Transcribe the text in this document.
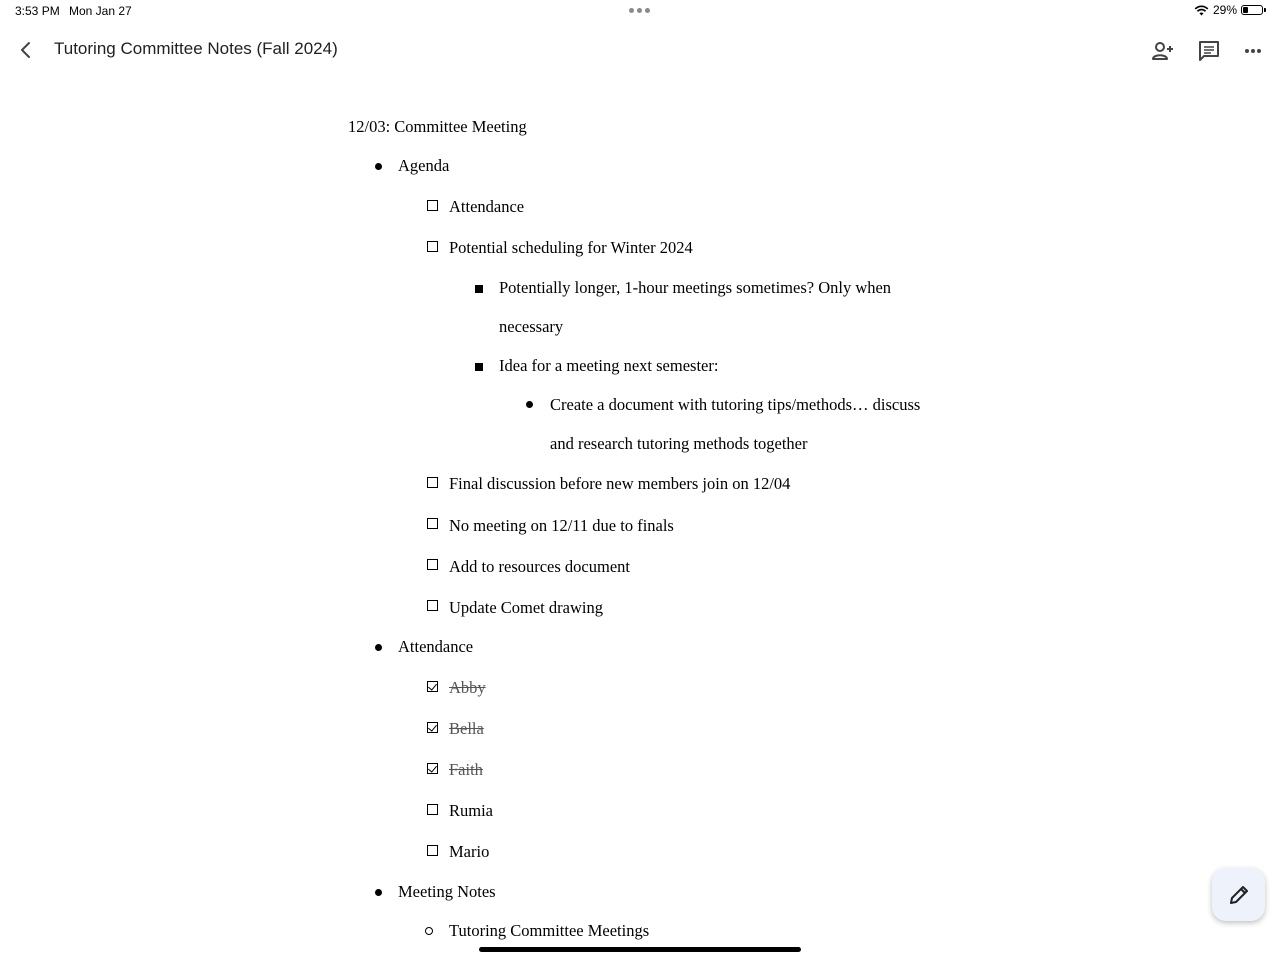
3:53 PM Mon Jan 27	29%
Tutoring Committee Notes (Fall 2024)
12/03: Committee Meeting
Agenda
Attendance
Potential scheduling for Winter 2024
Potentially longer, 1-hour meetings sometimes? Only when
necessary
Idea for a meeting next semester:
Create a document with tutoring tips/methods… discuss
and research tutoring methods together
Final discussion before new members join on 12/04
No meeting on 12/11 due to finals
Add to resources document
Update Comet drawing
Attendance
Abby
Bella
Faith
Rumia
Mario
Meeting Notes
Tutoring Committee Meetings
